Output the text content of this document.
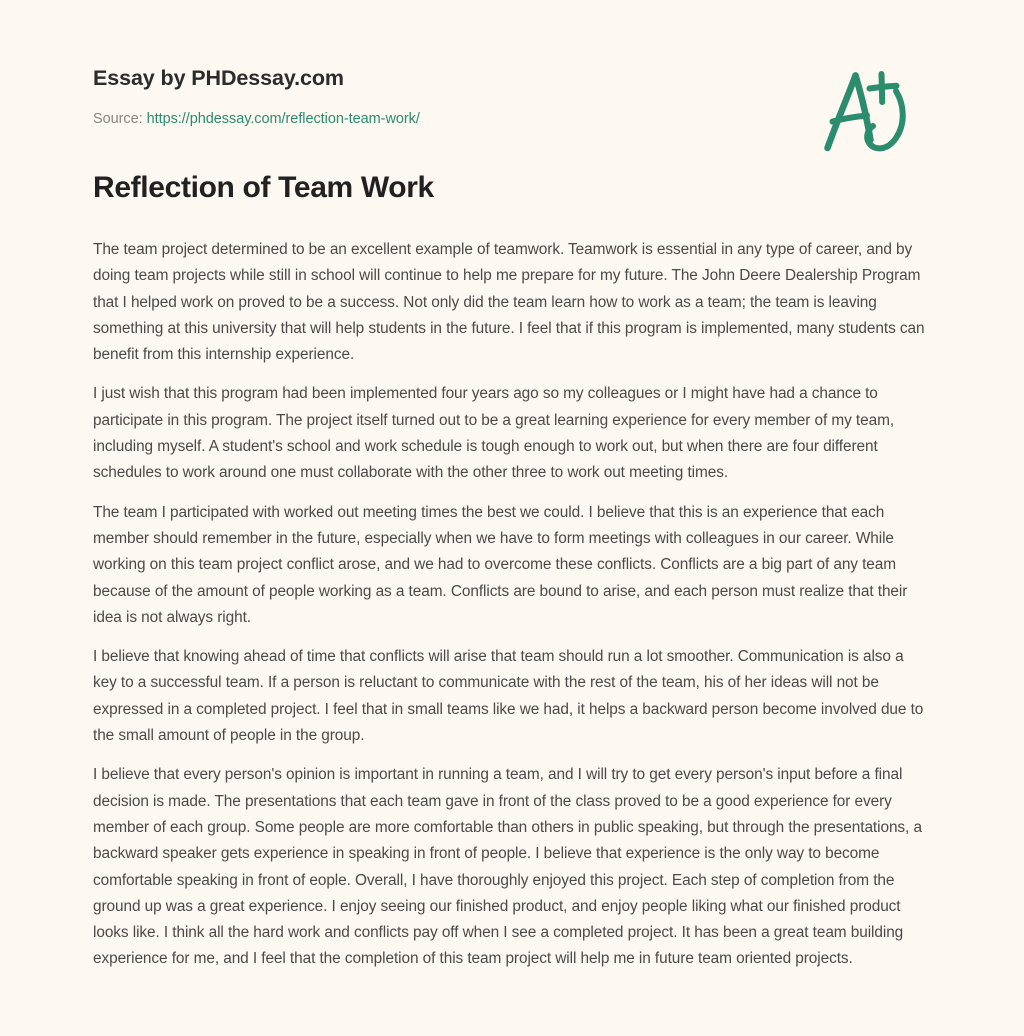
Essay by PHDessay.com
Source: https://phdessay.com/reflection-team-work/
Reflection of Team Work

The team project determined to be an excellent example of teamwork. Teamwork is essential in any type of career, and by doing team projects while still in school will continue to help me prepare for my future. The John Deere Dealership Program that I helped work on proved to be a success. Not only did the team learn how to work as a team; the team is leaving something at this university that will help students in the future. I feel that if this program is implemented, many students can benefit from this internship experience.

I just wish that this program had been implemented four years ago so my colleagues or I might have had a chance to participate in this program. The project itself turned out to be a great learning experience for every member of my team, including myself. A student's school and work schedule is tough enough to work out, but when there are four different schedules to work around one must collaborate with the other three to work out meeting times.

The team I participated with worked out meeting times the best we could. I believe that this is an experience that each member should remember in the future, especially when we have to form meetings with colleagues in our career. While working on this team project conflict arose, and we had to overcome these conflicts. Conflicts are a big part of any team because of the amount of people working as a team. Conflicts are bound to arise, and each person must realize that their idea is not always right.

I believe that knowing ahead of time that conflicts will arise that team should run a lot smoother. Communication is also a key to a successful team. If a person is reluctant to communicate with the rest of the team, his of her ideas will not be expressed in a completed project. I feel that in small teams like we had, it helps a backward person become involved due to the small amount of people in the group.

I believe that every person's opinion is important in running a team, and I will try to get every person's input before a final decision is made. The presentations that each team gave in front of the class proved to be a good experience for every member of each group. Some people are more comfortable than others in public speaking, but through the presentations, a backward speaker gets experience in speaking in front of people. I believe that experience is the only way to become comfortable speaking in front of eople. Overall, I have thoroughly enjoyed this project. Each step of completion from the ground up was a great experience. I enjoy seeing our finished product, and enjoy people liking what our finished product looks like. I think all the hard work and conflicts pay off when I see a completed project. It has been a great team building experience for me, and I feel that the completion of this team project will help me in future team oriented projects.
